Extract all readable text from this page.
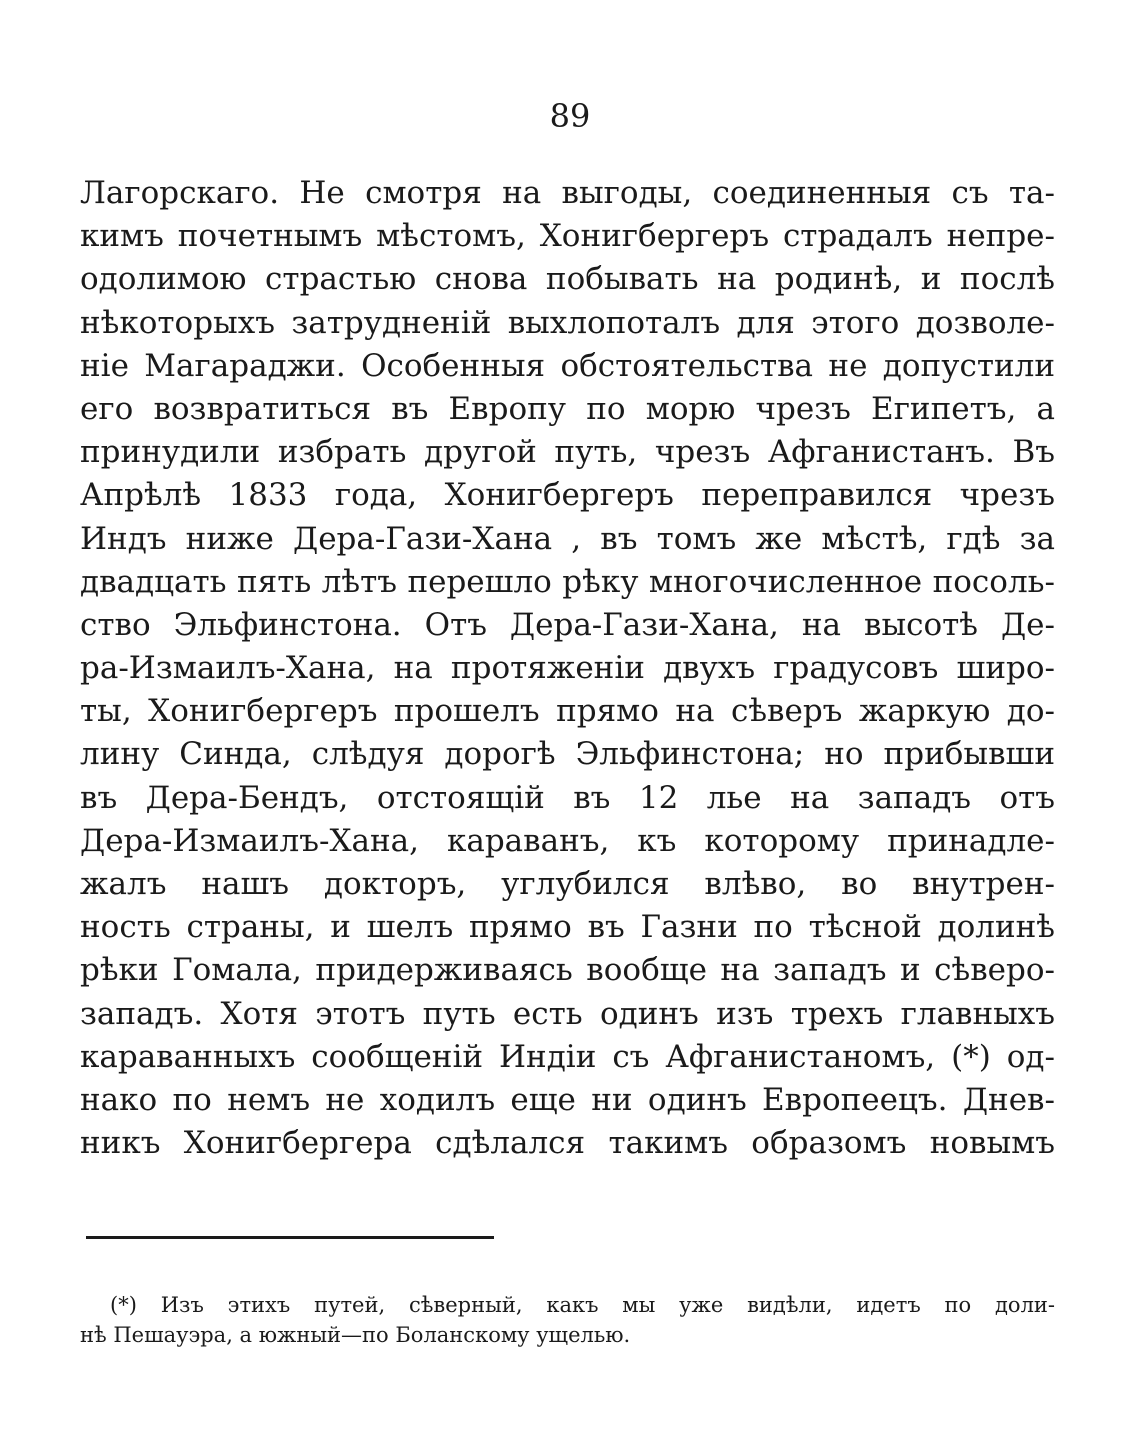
89
Лагорскаго. Не смотря на выгоды, соединенныя съ та-
кимъ почетнымъ мѣстомъ, Хонигбергеръ страдалъ непре-
одолимою страстью снова побывать на родинѣ, и послѣ
нѣкоторыхъ затрудненій выхлопоталъ для этого дозволе-
ніе Магараджи. Особенныя обстоятельства не допустили
его возвратиться въ Европу по морю чрезъ Египетъ, а
принудили избрать другой путь, чрезъ Афганистанъ. Въ
Апрѣлѣ 1833 года, Хонигбергеръ переправился чрезъ
Индъ ниже Дера-Гази-Хана , въ томъ же мѣстѣ, гдѣ за
двадцать пять лѣтъ перешло рѣку многочисленное посоль-
ство Эльфинстона. Отъ Дера-Гази-Хана, на высотѣ Де-
ра-Измаилъ-Хана, на протяженіи двухъ градусовъ широ-
ты, Хонигбергеръ прошелъ прямо на сѣверъ жаркую до-
лину Синда, слѣдуя дорогѣ Эльфинстона; но прибывши
въ Дера-Бендъ, отстоящій въ 12 лье на западъ отъ
Дера-Измаилъ-Хана, караванъ, къ которому принадле-
жалъ нашъ докторъ, углубился влѣво, во внутрен-
ность страны, и шелъ прямо въ Газни по тѣсной долинѣ
рѣки Гомала, придерживаясь вообще на западъ и сѣверо-
западъ. Хотя этотъ путь есть одинъ изъ трехъ главныхъ
караванныхъ сообщеній Индіи съ Афганистаномъ, (*) од-
нако по немъ не ходилъ еще ни одинъ Европеецъ. Днев-
никъ Хонигбергера сдѣлался такимъ образомъ новымъ
(*) Изъ этихъ путей, сѣверный, какъ мы уже видѣли, идетъ по доли-
нѣ Пешауэра, а южный—по Боланскому ущелью.
